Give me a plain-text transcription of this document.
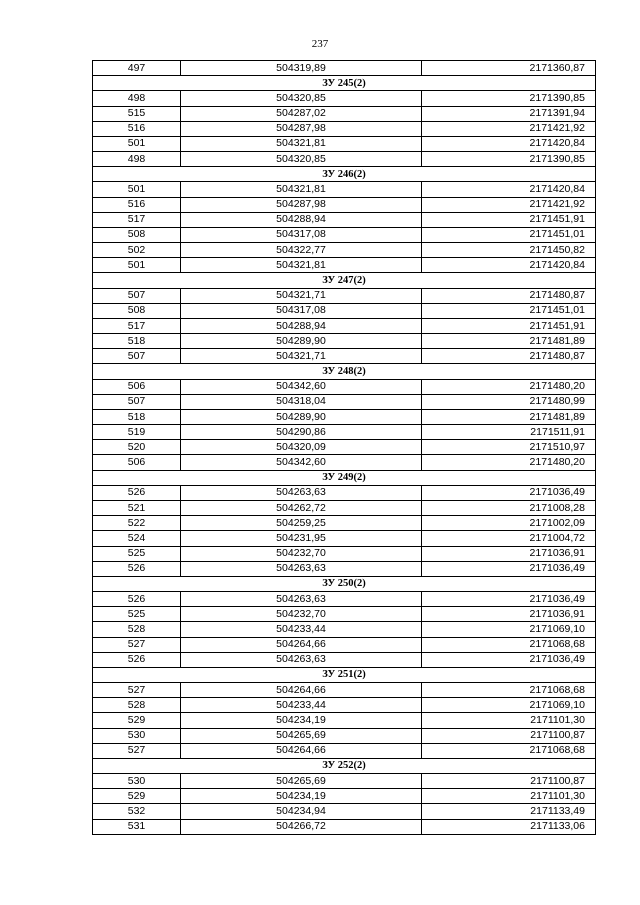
237
497	504319,89	2171360,87
ЗУ 245(2)		
498	504320,85	2171390,85
515	504287,02	2171391,94
516	504287,98	2171421,92
501	504321,81	2171420,84
498	504320,85	2171390,85
ЗУ 246(2)		
501	504321,81	2171420,84
516	504287,98	2171421,92
517	504288,94	2171451,91
508	504317,08	2171451,01
502	504322,77	2171450,82
501	504321,81	2171420,84
ЗУ 247(2)		
507	504321,71	2171480,87
508	504317,08	2171451,01
517	504288,94	2171451,91
518	504289,90	2171481,89
507	504321,71	2171480,87
ЗУ 248(2)		
506	504342,60	2171480,20
507	504318,04	2171480,99
518	504289,90	2171481,89
519	504290,86	2171511,91
520	504320,09	2171510,97
506	504342,60	2171480,20
ЗУ 249(2)		
526	504263,63	2171036,49
521	504262,72	2171008,28
522	504259,25	2171002,09
524	504231,95	2171004,72
525	504232,70	2171036,91
526	504263,63	2171036,49
ЗУ 250(2)		
526	504263,63	2171036,49
525	504232,70	2171036,91
528	504233,44	2171069,10
527	504264,66	2171068,68
526	504263,63	2171036,49
ЗУ 251(2)		
527	504264,66	2171068,68
528	504233,44	2171069,10
529	504234,19	2171101,30
530	504265,69	2171100,87
527	504264,66	2171068,68
ЗУ 252(2)		
530	504265,69	2171100,87
529	504234,19	2171101,30
532	504234,94	2171133,49
531	504266,72	2171133,06
